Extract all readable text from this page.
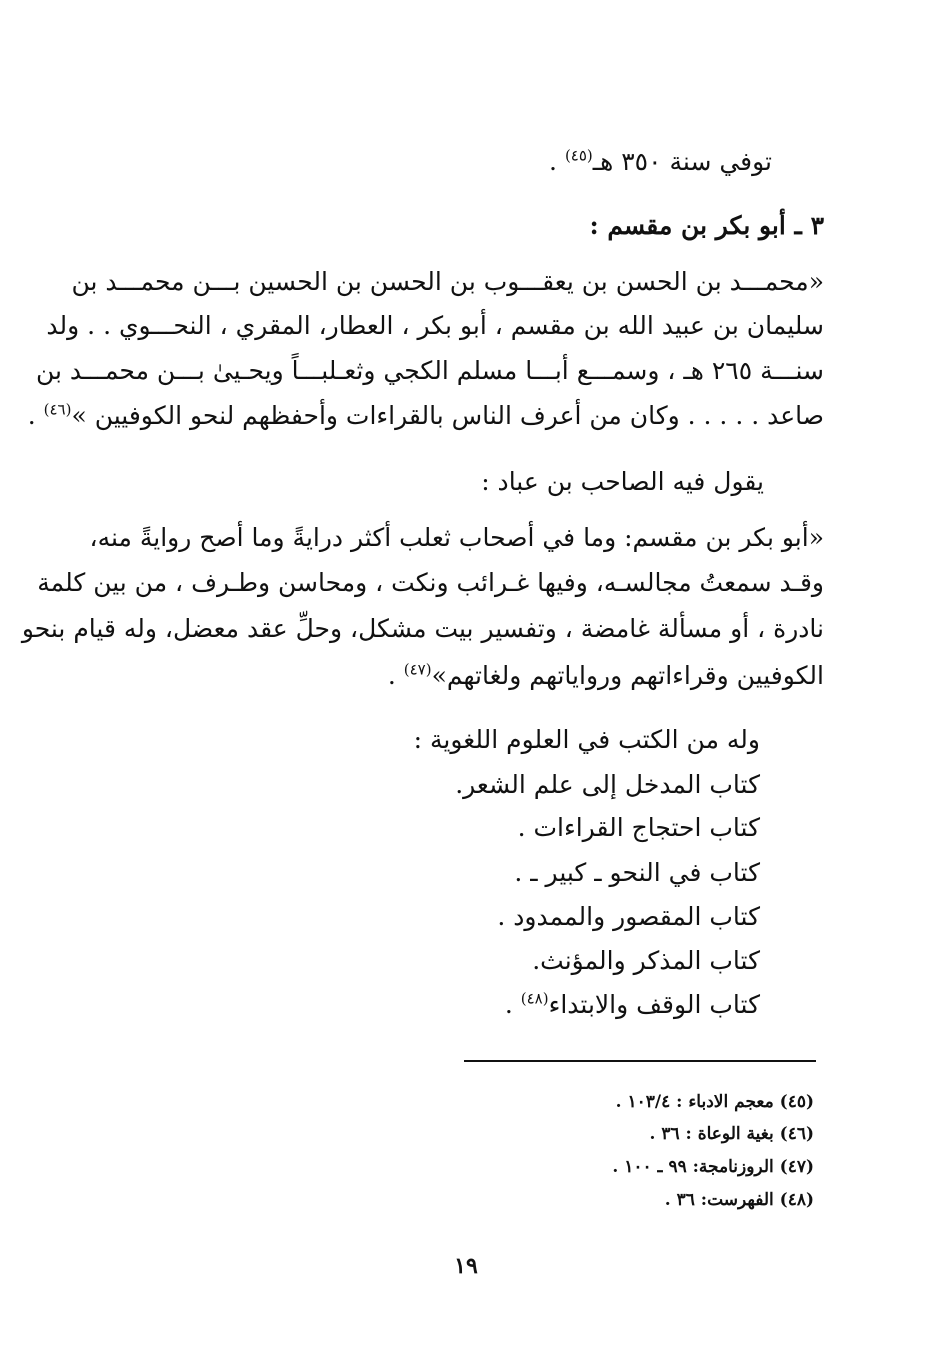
توفي سنة ٣٥٠ هـ$^{(٤٥)}$ .
٣ ـ أبو بكر بن مقسم :
«محمـــد بن الحسن بن يعقـــوب بن الحسن بن الحسين بـــن محمـــد بن
سليمان بن عبيد الله بن مقسم ، أبو بكر ، العطار، المقري ، النحـــوي . . ولد
سنـــة ٢٦٥ هـ ، وسمـــع أبـــا مسلم الكجي وثعـلبـــاً ويحـيىٰ بـــن محمـــد بن
صاعد . . . . . وكان من أعرف الناس بالقراءات وأحفظهم لنحو الكوفيين »$^{(٤٦)}$ .
يقول فيه الصاحب بن عباد :
«أبو بكر بن مقسم: وما في أصحاب ثعلب أكثر درايةً وما أصح روايةً منه،
وقـد سمعتُ مجالسـه، وفيها غـرائب ونكت ، ومحاسن وطـرف ، من بين كلمة
نادرة ، أو مسألة غامضة ، وتفسير بيت مشكل، وحلِّ عقد معضل، وله قيام بنحو
الكوفيين وقراءاتهم ورواياتهم ولغاتهم»$^{(٤٧)}$ .
وله من الكتب في العلوم اللغوية :
كتاب المدخل إلى علم الشعر.
كتاب احتجاج القراءات .
كتاب في النحو ـ كبير ـ .
كتاب المقصور والممدود .
كتاب المذكر والمؤنث.
كتاب الوقف والابتداء$^{(٤٨)}$ .
(٤٥) معجم الادباء : ١٠٣/٤ .
(٤٦) بغية الوعاة : ٣٦ .
(٤٧) الروزنامجة: ٩٩ ـ ١٠٠ .
(٤٨) الفهرست: ٣٦ .
١٩
